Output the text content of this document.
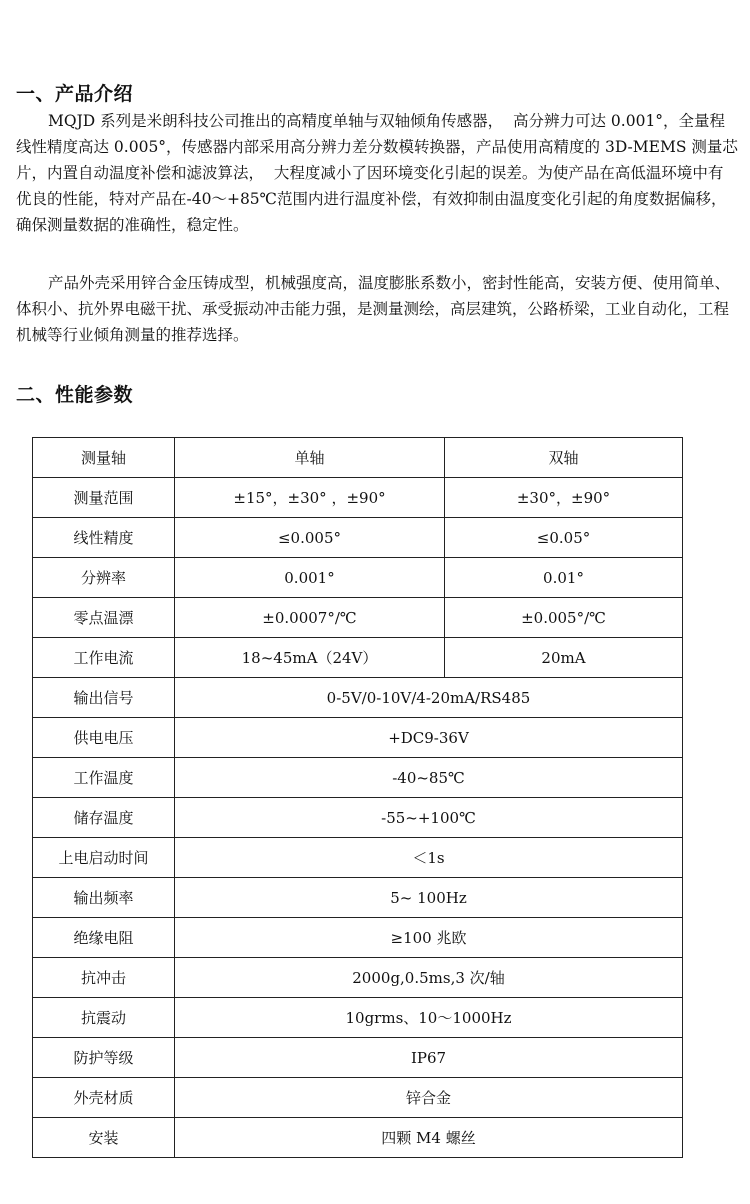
一、产品介绍

MQJD 系列是米朗科技公司推出的高精度单轴与双轴倾角传感器，  高分辨力可达 0.001°，全量程线性精度高达 0.005°，传感器内部采用高分辨力差分数模转换器，产品使用高精度的 3D-MEMS 测量芯片，内置自动温度补偿和滤波算法，  大程度减小了因环境变化引起的误差。为使产品在高低温环境中有优良的性能，特对产品在-40～+85℃范围内进行温度补偿，有效抑制由温度变化引起的角度数据偏移，确保测量数据的准确性，稳定性。

产品外壳采用锌合金压铸成型，机械强度高，温度膨胀系数小，密封性能高，安装方便、使用简单、体积小、抗外界电磁干扰、承受振动冲击能力强，是测量测绘，高层建筑，公路桥梁，工业自动化，工程机械等行业倾角测量的推荐选择。

二、性能参数
测量轴	单轴	双轴
测量范围	±15°，±30° ，±90°	±30°，±90°
线性精度	≤0.005°	≤0.05°
分辨率	0.001°	0.01°
零点温漂	±0.0007°/℃	±0.005°/℃
工作电流	18~45mA（24V）	20mA
输出信号	0-5V/0-10V/4-20mA/RS485	
供电电压	+DC9-36V	
工作温度	-40~85℃	
储存温度	-55~+100℃	
上电启动时间	＜1s	
输出频率	5~ 100Hz	
绝缘电阻	≥100 兆欧	
抗冲击	2000g,0.5ms,3 次/轴	
抗震动	10grms、10～1000Hz	
防护等级	IP67	
外壳材质	锌合金	
安装	四颗 M4 螺丝	
